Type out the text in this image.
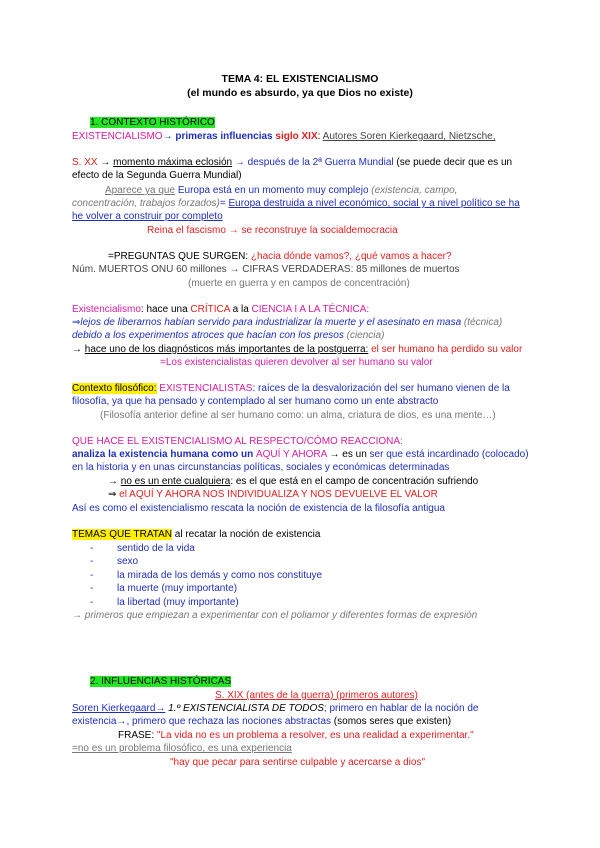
TEMA 4: EL EXISTENCIALISMO
(el mundo es absurdo, ya que Dios no existe)
1. CONTEXTO HISTÓRICO
EXISTENCIALISMO→ primeras influencias siglo XIX: Autores Soren Kierkegaard, Nietzsche,
S. XX → momento máxima eclosión → después de la 2ª Guerra Mundial (se puede decir que es un
efecto de la Segunda Guerra Mundial)
Aparece ya que Europa está en un momento muy complejo (existencia, campo,
concentración, trabajos forzados)= Europa destruida a nivel económico, social y a nivel político se ha
he volver a construir por completo
Reina el fascismo → se reconstruye la socialdemocracia
=PREGUNTAS QUE SURGEN: ¿hacia dónde vamos?, ¿qué vamos a hacer?
Núm. MUERTOS ONU 60 millones → CIFRAS VERDADERAS: 85 millones de muertos
(muerte en guerra y en campos de concentración)
Existencialismo: hace una CRÍTICA a la CIENCIA I A LA TÉCNICA:
⇒lejos de liberarnos habían servido para industrializar la muerte y el asesinato en masa (técnica)
debido a los experimentos atroces que hacían con los presos (ciencia)
→ hace uno de los diagnósticos más importantes de la postguerra: el ser humano ha perdido su valor
=Los existencialistas quieren devolver al ser humano su valor
Contexto filosófico: EXISTENCIALISTAS: raíces de la desvalorización del ser humano vienen de la
filosofía, ya que ha pensado y contemplado al ser humano como un ente abstracto
(Filosofía anterior define al ser humano como: un alma, criatura de dios, es una mente…)
QUE HACE EL EXISTENCIALISMO AL RESPECTO/CÓMO REACCIONA:
analiza la existencia humana como un AQUÍ Y AHORA → es un ser que está incardinado (colocado)
en la historia y en unas circunstancias políticas, sociales y económicas determinadas
→ no es un ente cualquiera: es el que está en el campo de concentración sufriendo
⇒ el AQUÍ Y AHORA NOS INDIVIDUALIZA Y NOS DEVUELVE EL VALOR
Así es como el existencialismo rescata la noción de existencia de la filosofía antigua
TEMAS QUE TRATAN al recatar la noción de existencia
- sentido de la vida
- sexo
- la mirada de los demás y como nos constituye
- la muerte (muy importante)
- la libertad (muy importante)
→ primeros que empiezan a experimentar con el poliamor y diferentes formas de expresión
2. INFLUENCIAS HISTÓRICAS
S. XIX (antes de la guerra) (primeros autores)
Soren Kierkegaard→ 1.º EXISTENCIALISTA DE TODOS; primero en hablar de la noción de
existencia→, primero que rechaza las nociones abstractas (somos seres que existen)
FRASE: "La vida no es un problema a resolver, es una realidad a experimentar."
=no es un problema filosófico, es una experiencia
"hay que pecar para sentirse culpable y acercarse a dios"
